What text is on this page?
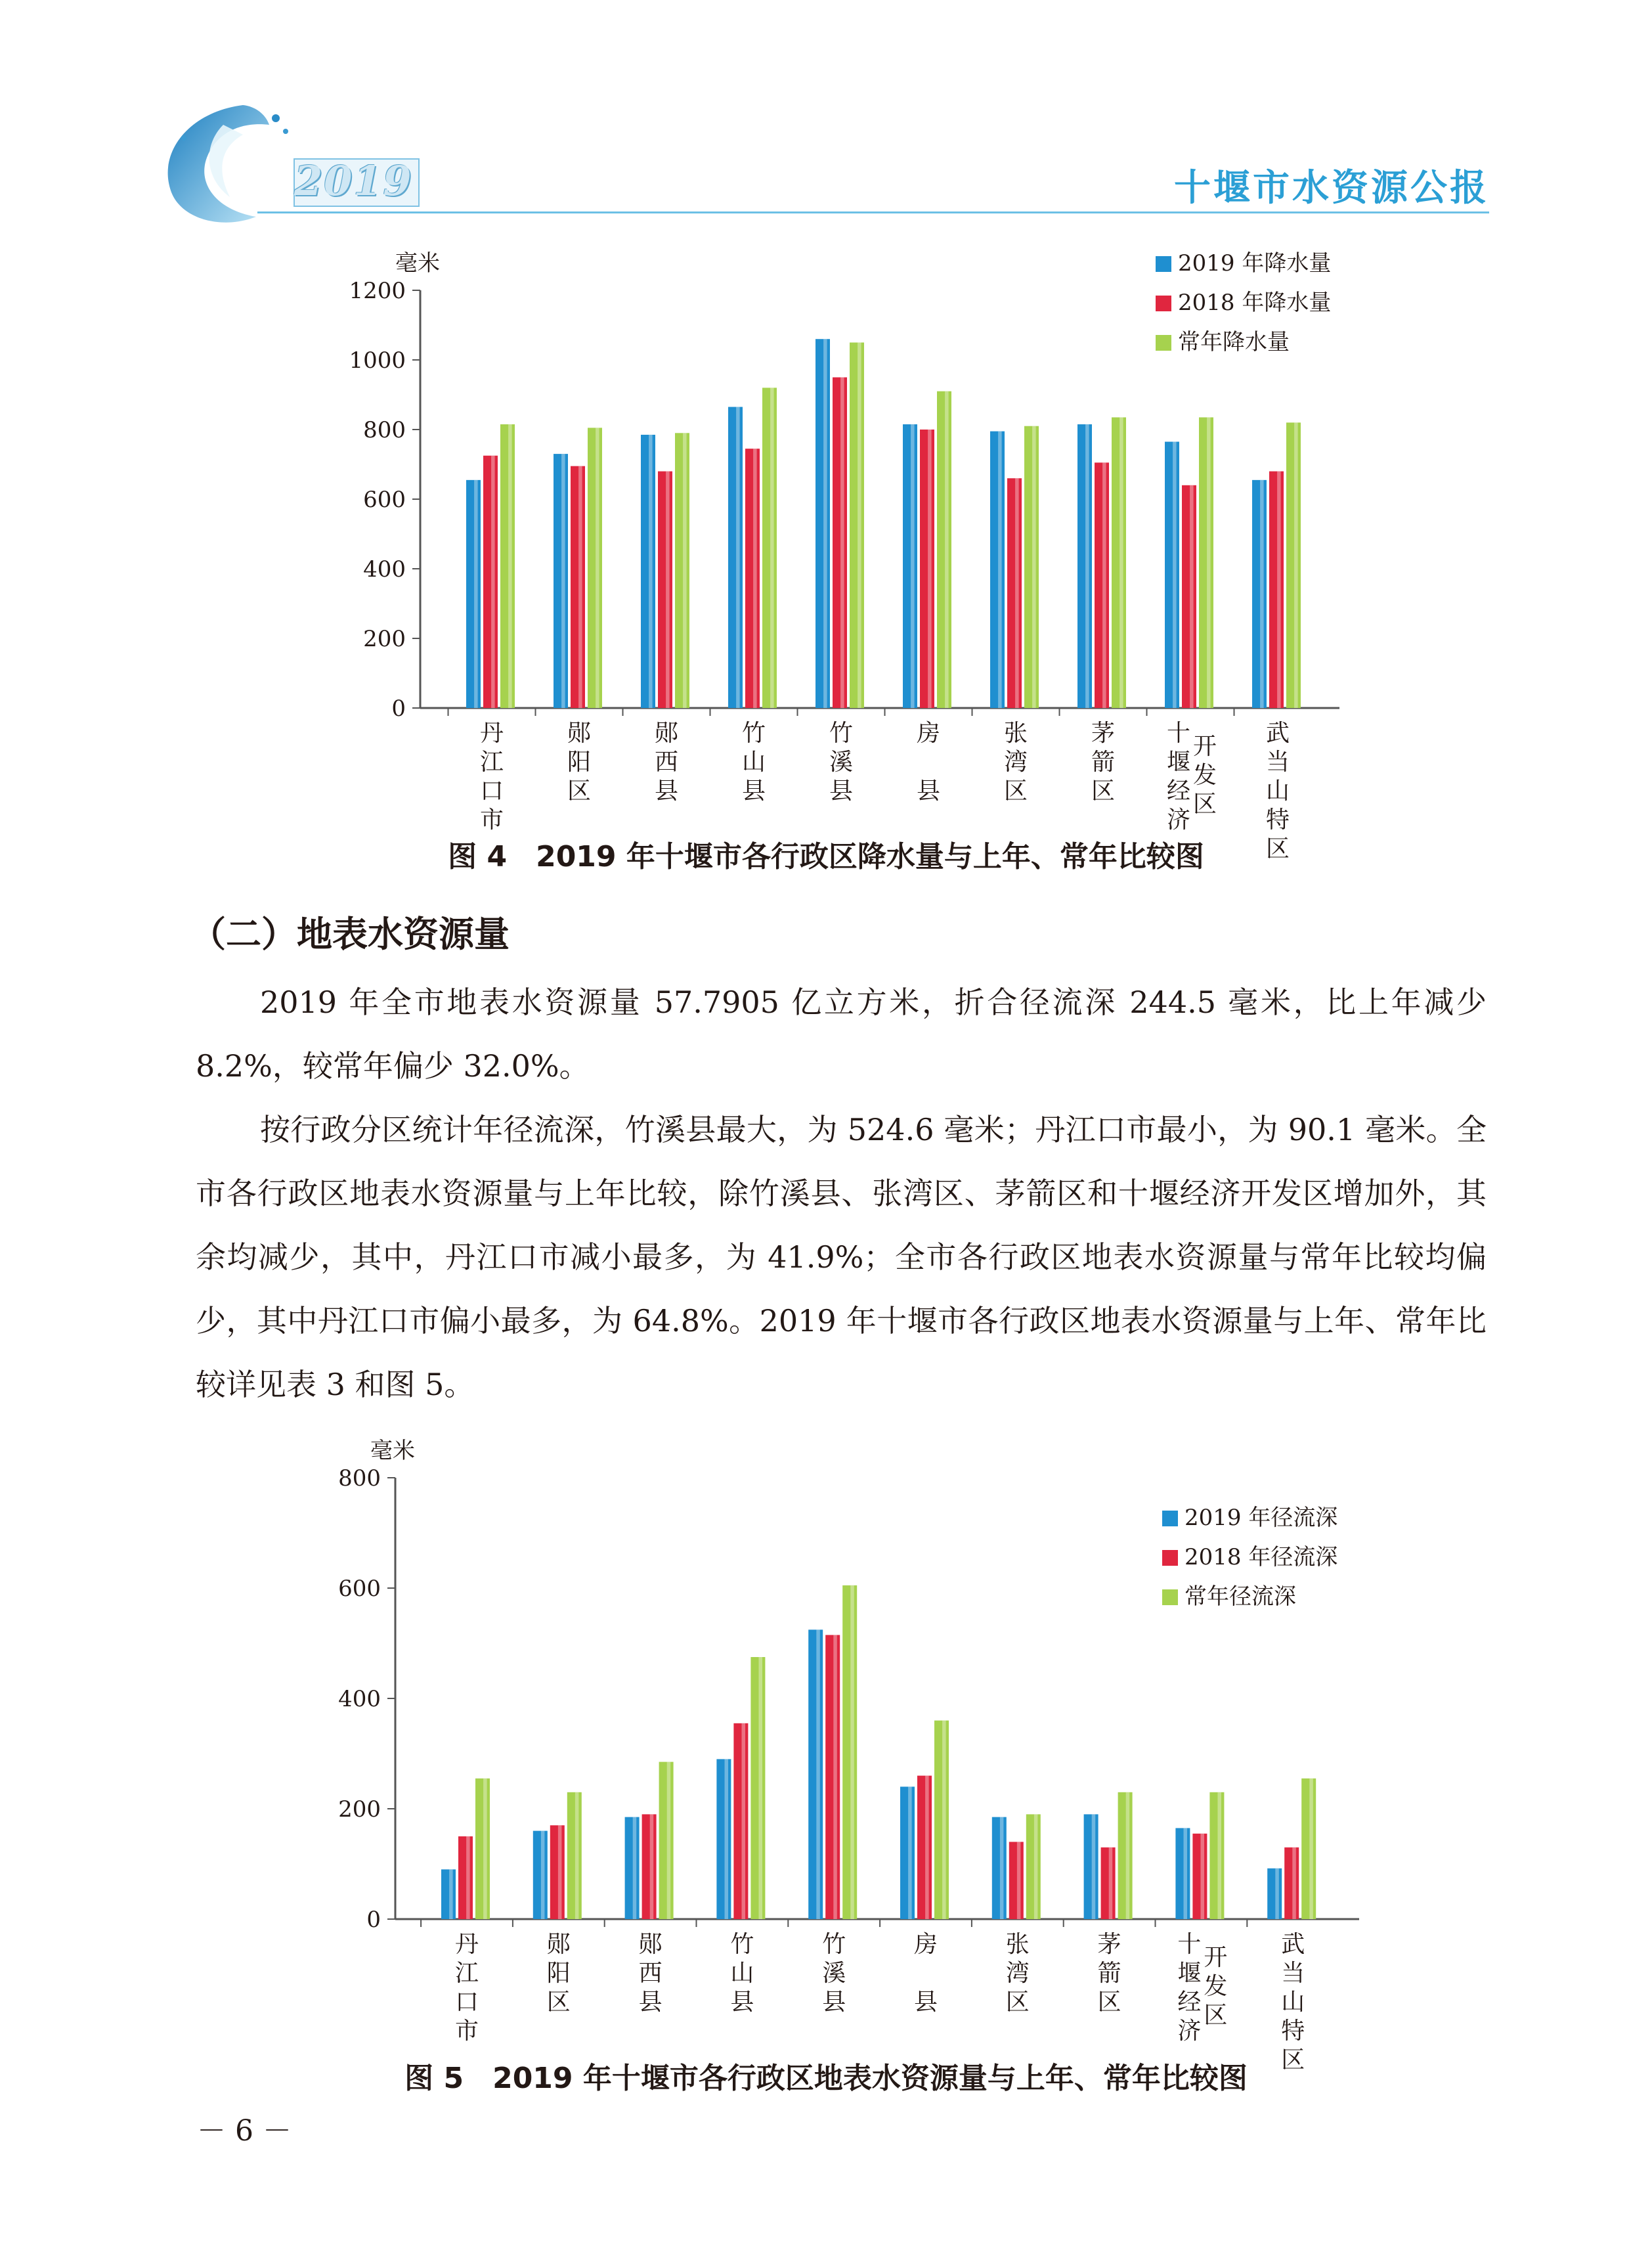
2019	十堰市水资源公报
毫米
0
200
400
600
800
1000
1200
丹
江
口
市
郧
阳
区
郧
西
县
竹
山
县
竹
溪
县
房
县
张
湾
区
茅
箭
区
十
堰
经
济
开
发
区
武
当
山
特
区
2019 年降水量
2018 年降水量
常年降水量
图 4　2019 年十堰市各行政区降水量与上年、常年比较图
（二）地表水资源量
2019 年全市地表水资源量 57.7905 亿立方米，折合径流深 244.5 毫米，比上年减少 8.2%，较常年偏少 32.0%。
按行政分区统计年径流深，竹溪县最大，为 524.6 毫米；丹江口市最小，为 90.1 毫米。全市各行政区地表水资源量与上年比较，除竹溪县、张湾区、茅箭区和十堰经济开发区增加外，其余均减少，其中，丹江口市减小最多，为 41.9%；全市各行政区地表水资源量与常年比较均偏少，其中丹江口市偏小最多，为 64.8%。2019 年十堰市各行政区地表水资源量与上年、常年比较详见表 3 和图 5。
毫米
0
200
400
600
800
丹
江
口
市
郧
阳
区
郧
西
县
竹
山
县
竹
溪
县
房
县
张
湾
区
茅
箭
区
十
堰
经
济
开
发
区
武
当
山
特
区
2019 年径流深
2018 年径流深
常年径流深
图 5　2019 年十堰市各行政区地表水资源量与上年、常年比较图
－ 6 －
